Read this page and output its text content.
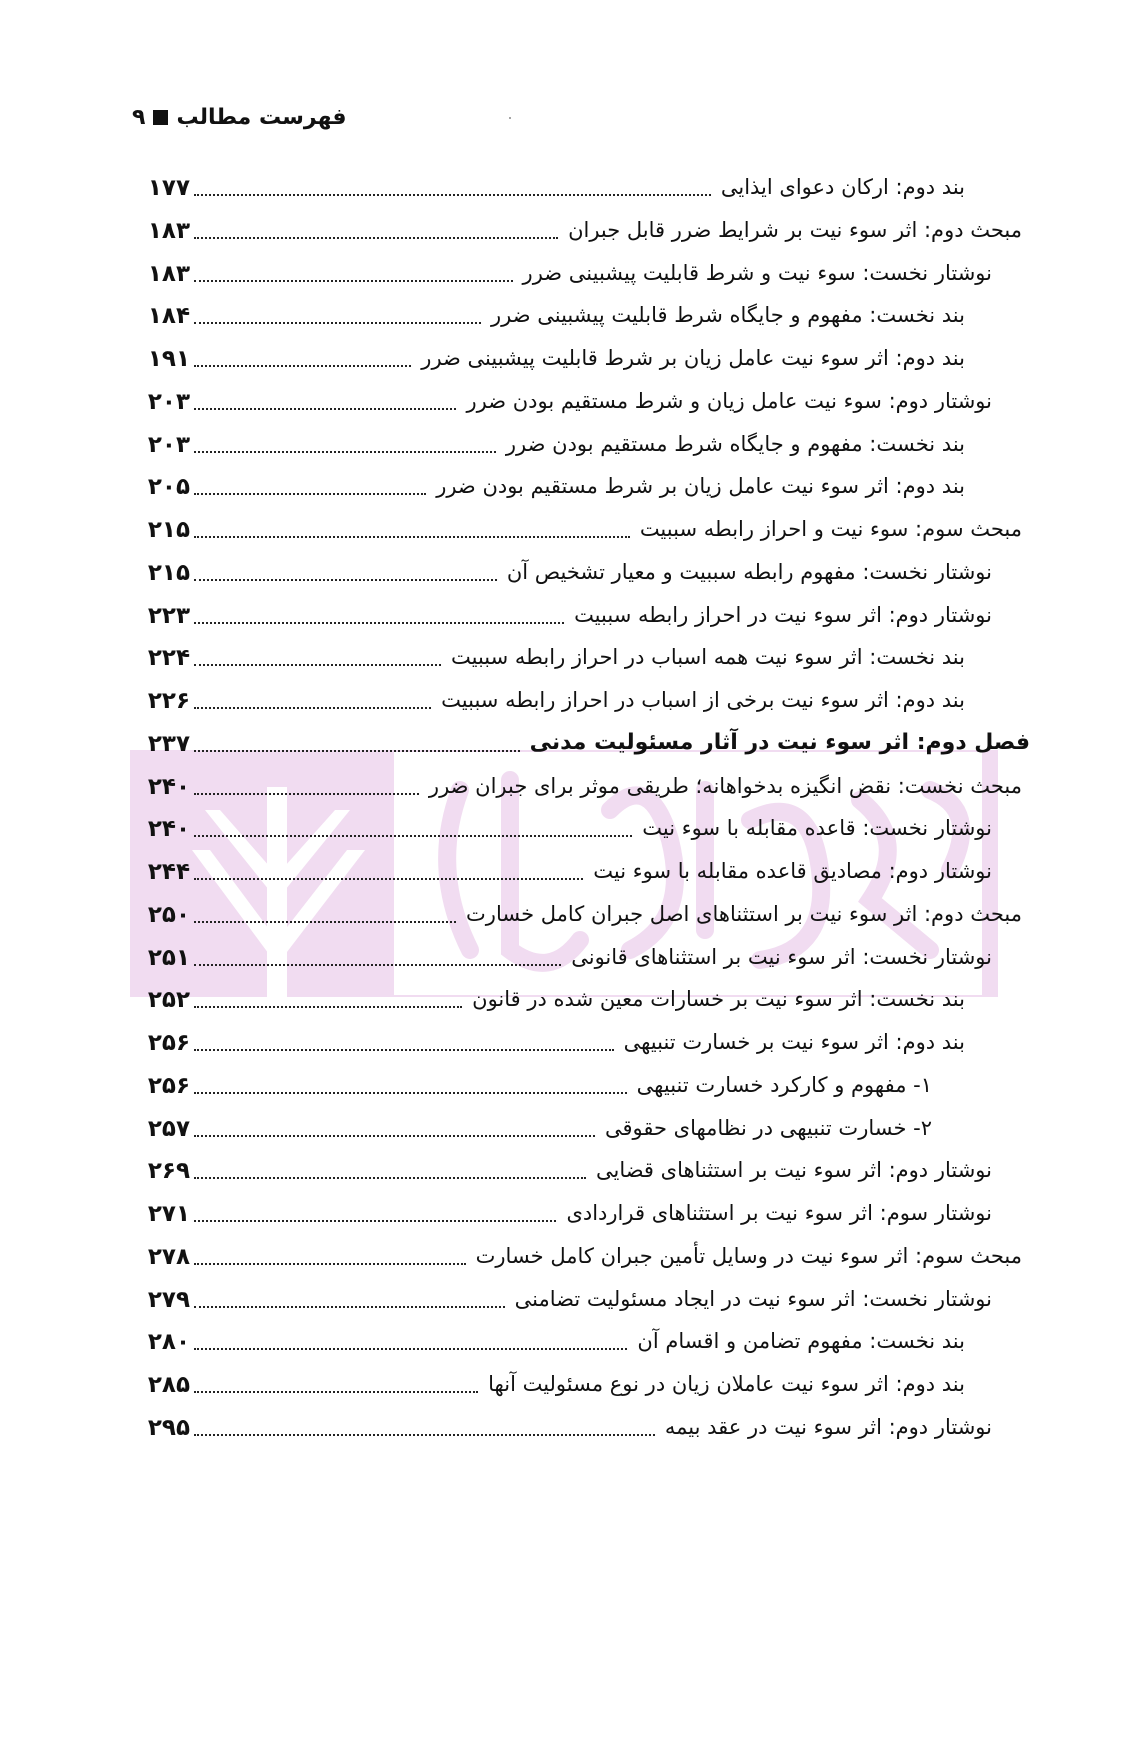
فهرست مطالب۹
۱۷۷	بند دوم: ارکان دعوای ایذایی
۱۸۳	مبحث دوم: اثر سوء نیت بر شرایط ضرر قابل جبران
۱۸۳	نوشتار نخست: سوء نیت و شرط قابلیت پیشبینی ضرر
۱۸۴	بند نخست: مفهوم و جایگاه شرط قابلیت پیشبینی ضرر
۱۹۱	بند دوم: اثر سوء نیت عامل زیان بر شرط قابلیت پیشبینی ضرر
۲۰۳	نوشتار دوم: سوء نیت عامل زیان و شرط مستقیم بودن ضرر
۲۰۳	بند نخست: مفهوم و جایگاه شرط مستقیم بودن ضرر
۲۰۵	بند دوم: اثر سوء نیت عامل زیان بر شرط مستقیم بودن ضرر
۲۱۵	مبحث سوم: سوء نیت و احراز رابطه سببیت
۲۱۵	نوشتار نخست: مفهوم رابطه سببیت و معیار تشخیص آن
۲۲۳	نوشتار دوم: اثر سوء نیت در احراز رابطه سببیت
۲۲۴	بند نخست: اثر سوء نیت همه اسباب در احراز رابطه سببیت
۲۲۶	بند دوم: اثر سوء نیت برخی از اسباب در احراز رابطه سببیت
۲۳۷	فصل دوم: اثر سوء نیت در آثار مسئولیت مدنی
۲۴۰	مبحث نخست: نقض انگیزه بدخواهانه؛ طریقی موثر برای جبران ضرر
۲۴۰	نوشتار نخست: قاعده مقابله با سوء نیت
۲۴۴	نوشتار دوم: مصادیق قاعده مقابله با سوء نیت
۲۵۰	مبحث دوم: اثر سوء نیت بر استثناهای اصل جبران کامل خسارت
۲۵۱	نوشتار نخست: اثر سوء نیت بر استثناهای قانونی
۲۵۲	بند نخست: اثر سوء نیت بر خسارات معین شده در قانون
۲۵۶	بند دوم: اثر سوء نیت بر خسارت تنبیهی
۲۵۶	۱- مفهوم و کارکرد خسارت تنبیهی
۲۵۷	۲- خسارت تنبیهی در نظامهای حقوقی
۲۶۹	نوشتار دوم: اثر سوء نیت بر استثناهای قضایی
۲۷۱	نوشتار سوم: اثر سوء نیت بر استثناهای قراردادی
۲۷۸	مبحث سوم: اثر سوء نیت در وسایل تأمین جبران کامل خسارت
۲۷۹	نوشتار نخست: اثر سوء نیت در ایجاد مسئولیت تضامنی
۲۸۰	بند نخست: مفهوم تضامن و اقسام آن
۲۸۵	بند دوم: اثر سوء نیت عاملان زیان در نوع مسئولیت آنها
۲۹۵	نوشتار دوم: اثر سوء نیت در عقد بیمه
